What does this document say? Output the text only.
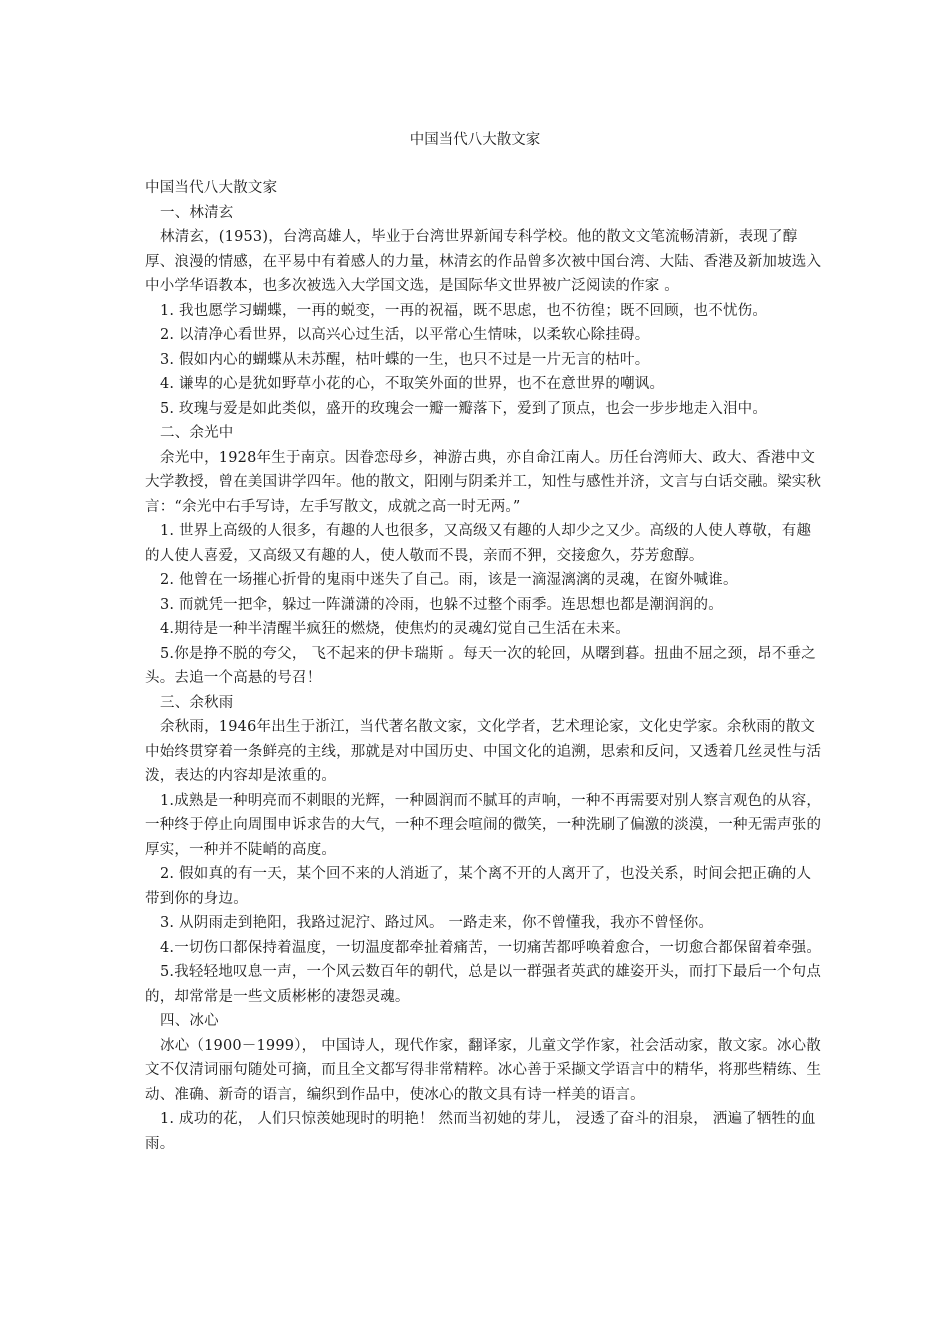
中国当代八大散文家

中国当代八大散文家

一、林清玄

林清玄，(1953)，台湾高雄人，毕业于台湾世界新闻专科学校。他的散文文笔流畅清新，表现了醇厚、浪漫的情感，在平易中有着感人的力量，林清玄的作品曾多次被中国台湾、大陆、香港及新加坡选入中小学华语教本，也多次被选入大学国文选，是国际华文世界被广泛阅读的作家 。

1. 我也愿学习蝴蝶，一再的蜕变，一再的祝福，既不思虑，也不彷徨；既不回顾，也不忧伤。

2. 以清净心看世界，以高兴心过生活，以平常心生情味，以柔软心除挂碍。

3. 假如内心的蝴蝶从未苏醒，枯叶蝶的一生，也只不过是一片无言的枯叶。

4. 谦卑的心是犹如野草小花的心，不取笑外面的世界，也不在意世界的嘲讽。

5. 玫瑰与爱是如此类似，盛开的玫瑰会一瓣一瓣落下，爱到了顶点，也会一步步地走入泪中。

二、余光中

余光中，1928年生于南京。因眷恋母乡，神游古典，亦自命江南人。历任台湾师大、政大、香港中文大学教授，曾在美国讲学四年。他的散文，阳刚与阴柔并工，知性与感性并济，文言与白话交融。梁实秋言：“余光中右手写诗，左手写散文，成就之高一时无两。”

1. 世界上高级的人很多，有趣的人也很多，又高级又有趣的人却少之又少。高级的人使人尊敬，有趣的人使人喜爱，又高级又有趣的人，使人敬而不畏，亲而不狎，交接愈久，芬芳愈醇。

2. 他曾在一场摧心折骨的鬼雨中迷失了自己。雨，该是一滴湿漓漓的灵魂，在窗外喊谁。

3. 而就凭一把伞，躲过一阵潇潇的冷雨，也躲不过整个雨季。连思想也都是潮润润的。

4.期待是一种半清醒半疯狂的燃烧，使焦灼的灵魂幻觉自己生活在未来。

5.你是挣不脱的夸父， 飞不起来的伊卡瑞斯 。每天一次的轮回，从曙到暮。扭曲不屈之颈，昂不垂之头。去追一个高悬的号召！

三、余秋雨

余秋雨，1946年出生于浙江，当代著名散文家，文化学者，艺术理论家，文化史学家。余秋雨的散文中始终贯穿着一条鲜亮的主线，那就是对中国历史、中国文化的追溯，思索和反问，又透着几丝灵性与活泼，表达的内容却是浓重的。

1.成熟是一种明亮而不刺眼的光辉，一种圆润而不腻耳的声响，一种不再需要对别人察言观色的从容，一种终于停止向周围申诉求告的大气，一种不理会喧闹的微笑，一种洗刷了偏激的淡漠，一种无需声张的厚实，一种并不陡峭的高度。

2. 假如真的有一天，某个回不来的人消逝了，某个离不开的人离开了，也没关系，时间会把正确的人带到你的身边。

3. 从阴雨走到艳阳，我路过泥泞、路过风。 一路走来，你不曾懂我，我亦不曾怪你。

4.一切伤口都保持着温度，一切温度都牵扯着痛苦，一切痛苦都呼唤着愈合，一切愈合都保留着牵强。

5.我轻轻地叹息一声，一个风云数百年的朝代，总是以一群强者英武的雄姿开头，而打下最后一个句点的，却常常是一些文质彬彬的凄怨灵魂。

四、冰心

冰心（1900－1999）， 中国诗人，现代作家，翻译家，儿童文学作家，社会活动家，散文家。冰心散文不仅清词丽句随处可摘，而且全文都写得非常精粹。冰心善于采撷文学语言中的精华，将那些精练、生动、准确、新奇的语言，编织到作品中，使冰心的散文具有诗一样美的语言。

1. 成功的花， 人们只惊羡她现时的明艳！ 然而当初她的芽儿， 浸透了奋斗的泪泉， 洒遍了牺牲的血雨。
